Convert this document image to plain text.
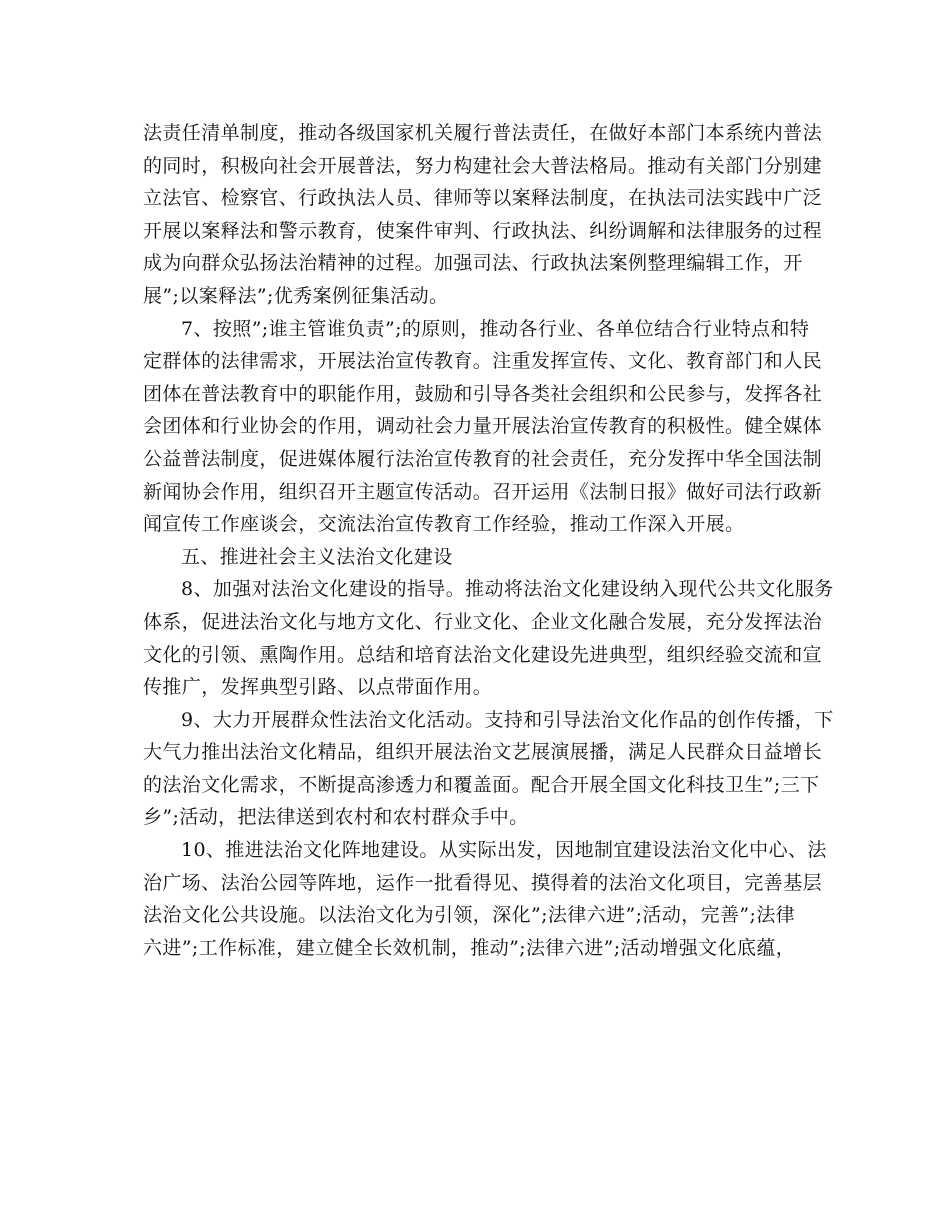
法责任清单制度，推动各级国家机关履行普法责任，在做好本部门本系统内普法
的同时，积极向社会开展普法，努力构建社会大普法格局。推动有关部门分别建
立法官、检察官、行政执法人员、律师等以案释法制度，在执法司法实践中广泛
开展以案释法和警示教育，使案件审判、行政执法、纠纷调解和法律服务的过程
成为向群众弘扬法治精神的过程。加强司法、行政执法案例整理编辑工作，开
展”;以案释法”;优秀案例征集活动。
7、按照”;谁主管谁负责”;的原则，推动各行业、各单位结合行业特点和特
定群体的法律需求，开展法治宣传教育。注重发挥宣传、文化、教育部门和人民
团体在普法教育中的职能作用，鼓励和引导各类社会组织和公民参与，发挥各社
会团体和行业协会的作用，调动社会力量开展法治宣传教育的积极性。健全媒体
公益普法制度，促进媒体履行法治宣传教育的社会责任，充分发挥中华全国法制
新闻协会作用，组织召开主题宣传活动。召开运用《法制日报》做好司法行政新
闻宣传工作座谈会，交流法治宣传教育工作经验，推动工作深入开展。
五、推进社会主义法治文化建设
8、加强对法治文化建设的指导。推动将法治文化建设纳入现代公共文化服务
体系，促进法治文化与地方文化、行业文化、企业文化融合发展，充分发挥法治
文化的引领、熏陶作用。总结和培育法治文化建设先进典型，组织经验交流和宣
传推广，发挥典型引路、以点带面作用。
9、大力开展群众性法治文化活动。支持和引导法治文化作品的创作传播，下
大气力推出法治文化精品，组织开展法治文艺展演展播，满足人民群众日益增长
的法治文化需求，不断提高渗透力和覆盖面。配合开展全国文化科技卫生”;三下
乡”;活动，把法律送到农村和农村群众手中。
10、推进法治文化阵地建设。从实际出发，因地制宜建设法治文化中心、法
治广场、法治公园等阵地，运作一批看得见、摸得着的法治文化项目，完善基层
法治文化公共设施。以法治文化为引领，深化”;法律六进”;活动，完善”;法律
六进”;工作标准，建立健全长效机制，推动”;法律六进”;活动增强文化底蕴，
